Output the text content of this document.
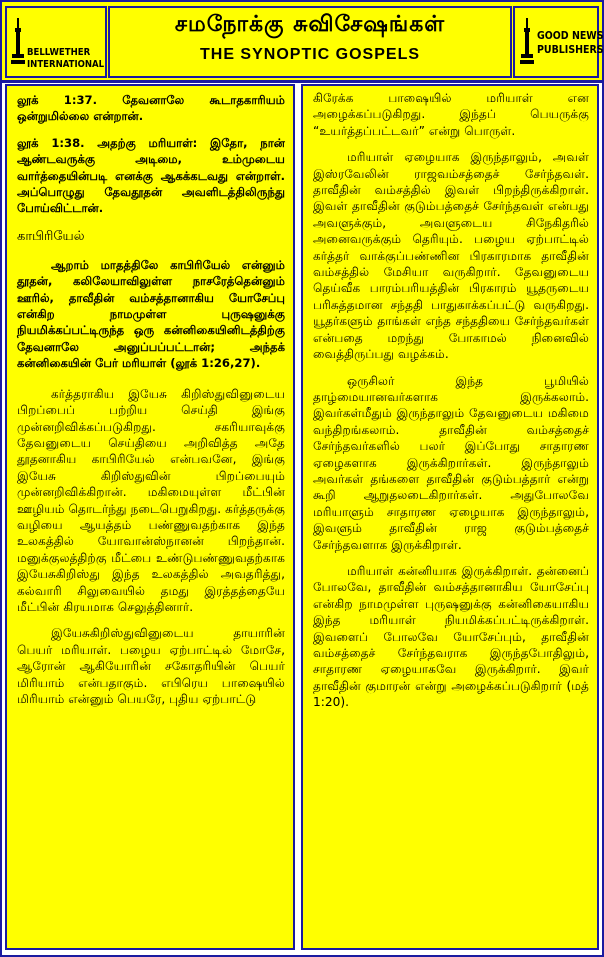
BELLWETHER
INTERNATIONAL
சமநோக்கு சுவிசேஷங்கள்
THE SYNOPTIC GOSPELS
GOOD NEWS
PUBLISHERS

லூக் 1:37. தேவனாலே கூடாதகாரியம் ஒன்றுமில்லை என்றான்.

லூக் 1:38. அதற்கு மரியாள்: இதோ, நான் ஆண்டவருக்கு அடிமை, உம்முடைய வார்த்தையின்படி எனக்கு ஆகக்கடவது என்றாள். அப்பொழுது தேவதூதன் அவளிடத்திலிருந்து போய்விட்டான்.

காபிரியேல்

ஆறாம் மாதத்திலே காபிரியேல் என்னும் தூதன், கலிலேயாவிலுள்ள நாசரேத்தென்னும் ஊரில், தாவீதின் வம்சத்தானாகிய யோசேப்பு என்கிற நாமமுள்ள புருஷனுக்கு நியமிக்கப்பட்டிருந்த ஒரு கன்னிகையினிடத்திற்கு தேவனாலே அனுப்பப்பட்டான்; அந்தக் கன்னிகையின் பேர் மரியாள் (லூக் 1:26,27).

கர்த்தராகிய இயேசு கிறிஸ்துவினுடைய பிறப்பைப் பற்றிய செய்தி இங்கு முன்னறிவிக்கப்படுகிறது. சகரியாவுக்கு தேவனுடைய செய்தியை அறிவித்த அதே தூதனாகிய காபிரியேல் என்பவனே, இங்கு இயேசு கிறிஸ்துவின் பிறப்பையும் முன்னறிவிக்கிறான். மகிமையுள்ள மீட்பின் ஊழியம் தொடர்ந்து நடைபெறுகிறது. கர்த்தருக்கு வழியை ஆயத்தம் பண்ணுவதற்காக இந்த உலகத்தில் யோவான்ஸ்நானன் பிறந்தான். மனுக்குலத்திற்கு மீட்பை உண்டுபண்ணுவதற்காக இயேசுகிறிஸ்து இந்த உலகத்தில் அவதரித்து, கல்வாரி சிலுவையில் தமது இரத்தத்தையே மீட்பின் கிரயமாக செலுத்தினார்.

இயேசுகிறிஸ்துவினுடைய தாயாரின் பெயர் மரியாள். பழைய ஏற்பாட்டில் மோசே, ஆரோன் ஆகியோரின் சகோதரியின் பெயர் மிரியாம் என்பதாகும். எபிரெய பாஷையில் மிரியாம் என்னும் பெயரே, புதிய ஏற்பாட்டு

கிரேக்க பாஷையில் மரியாள் என அழைக்கப்படுகிறது. இந்தப் பெயருக்கு “உயர்த்தப்பட்டவர்” என்று பொருள்.

மரியாள் ஏழையாக இருந்தாலும், அவள் இஸ்ரவேலின் ராஜவம்சத்தைச் சேர்ந்தவள். தாவீதின் வம்சத்தில் இவள் பிறந்திருக்கிறாள். இவள் தாவீதின் குடும்பத்தைச் சேர்ந்தவள் என்பது அவளுக்கும், அவளுடைய சிநேகிதரில் அனைவருக்கும் தெரியும். பழைய ஏற்பாட்டில் கர்த்தர் வாக்குப்பண்ணின பிரகாரமாக தாவீதின் வம்சத்தில் மேசியா வருகிறார். தேவனுடைய தெய்வீக பாரம்பரியத்தின் பிரகாரம் யூதருடைய பரிசுத்தமான சந்ததி பாதுகாக்கப்பட்டு வருகிறது. யூதர்களும் தாங்கள் எந்த சந்ததியை சேர்ந்தவர்கள் என்பதை மறந்து போகாமல் நினைவில் வைத்திருப்பது வழக்கம்.

ஒருசிலர் இந்த பூமியில் தாழ்மையானவர்களாக இருக்கலாம். இவர்கள்மீதும் இருந்தாலும் தேவனுடைய மகிமை வந்திறங்கலாம். தாவீதின் வம்சத்தைச் சேர்ந்தவர்களில் பலர் இப்போது சாதாரண ஏழைகளாக இருக்கிறார்கள். இருந்தாலும் அவர்கள் தங்களை தாவீதின் குடும்பத்தார் என்று கூறி ஆறுதலடைகிறார்கள். அதுபோலவே மரியாளும் சாதாரண ஏழையாக இருந்தாலும், இவளும் தாவீதின் ராஜ குடும்பத்தைச் சேர்ந்தவளாக இருக்கிறாள்.

மரியாள் கன்னியாக இருக்கிறாள். தன்னைப் போலவே, தாவீதின் வம்சத்தானாகிய யோசேப்பு என்கிற நாமமுள்ள புருஷனுக்கு கன்னிகையாகிய இந்த மரியாள் நியமிக்கப்பட்டிருக்கிறாள். இவளைப் போலவே யோசேப்பும், தாவீதின் வம்சத்தைச் சேர்ந்தவராக இருந்தபோதிலும், சாதாரண ஏழையாகவே இருக்கிறார். இவர் தாவீதின் குமாரன் என்று அழைக்கப்படுகிறார் (மத் 1:20).
